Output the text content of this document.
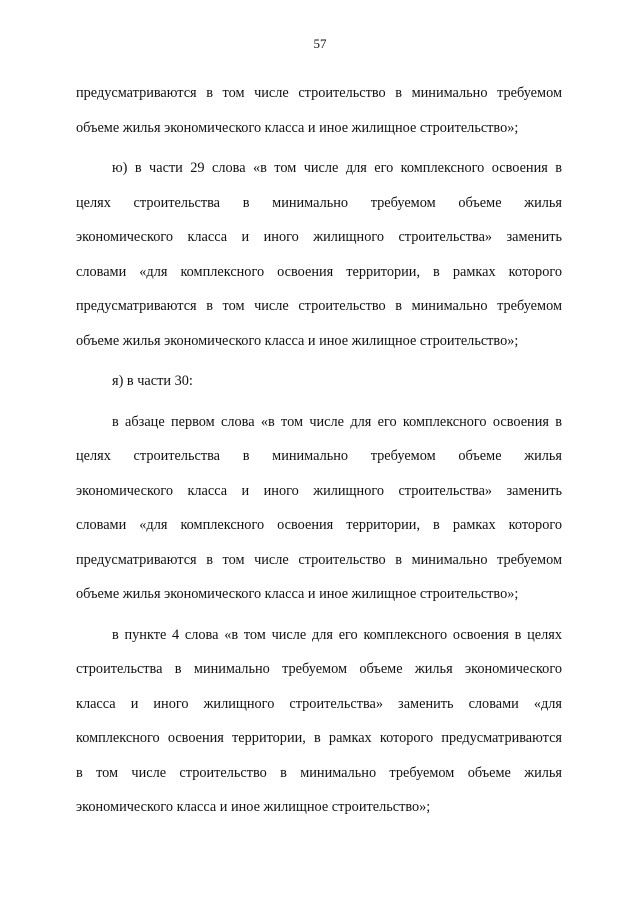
57
предусматриваются в том числе строительство в минимально требуемом
объеме жилья экономического класса и иное жилищное строительство»;
ю) в части 29 слова «в том числе для его комплексного освоения в
целях строительства в минимально требуемом объеме жилья
экономического класса и иного жилищного строительства» заменить
словами «для комплексного освоения территории, в рамках которого
предусматриваются в том числе строительство в минимально требуемом
объеме жилья экономического класса и иное жилищное строительство»;
я) в части 30:
в абзаце первом слова «в том числе для его комплексного освоения в
целях строительства в минимально требуемом объеме жилья
экономического класса и иного жилищного строительства» заменить
словами «для комплексного освоения территории, в рамках которого
предусматриваются в том числе строительство в минимально требуемом
объеме жилья экономического класса и иное жилищное строительство»;
в пункте 4 слова «в том числе для его комплексного освоения в целях
строительства в минимально требуемом объеме жилья экономического
класса и иного жилищного строительства» заменить словами «для
комплексного освоения территории, в рамках которого предусматриваются
в том числе строительство в минимально требуемом объеме жилья
экономического класса и иное жилищное строительство»;
